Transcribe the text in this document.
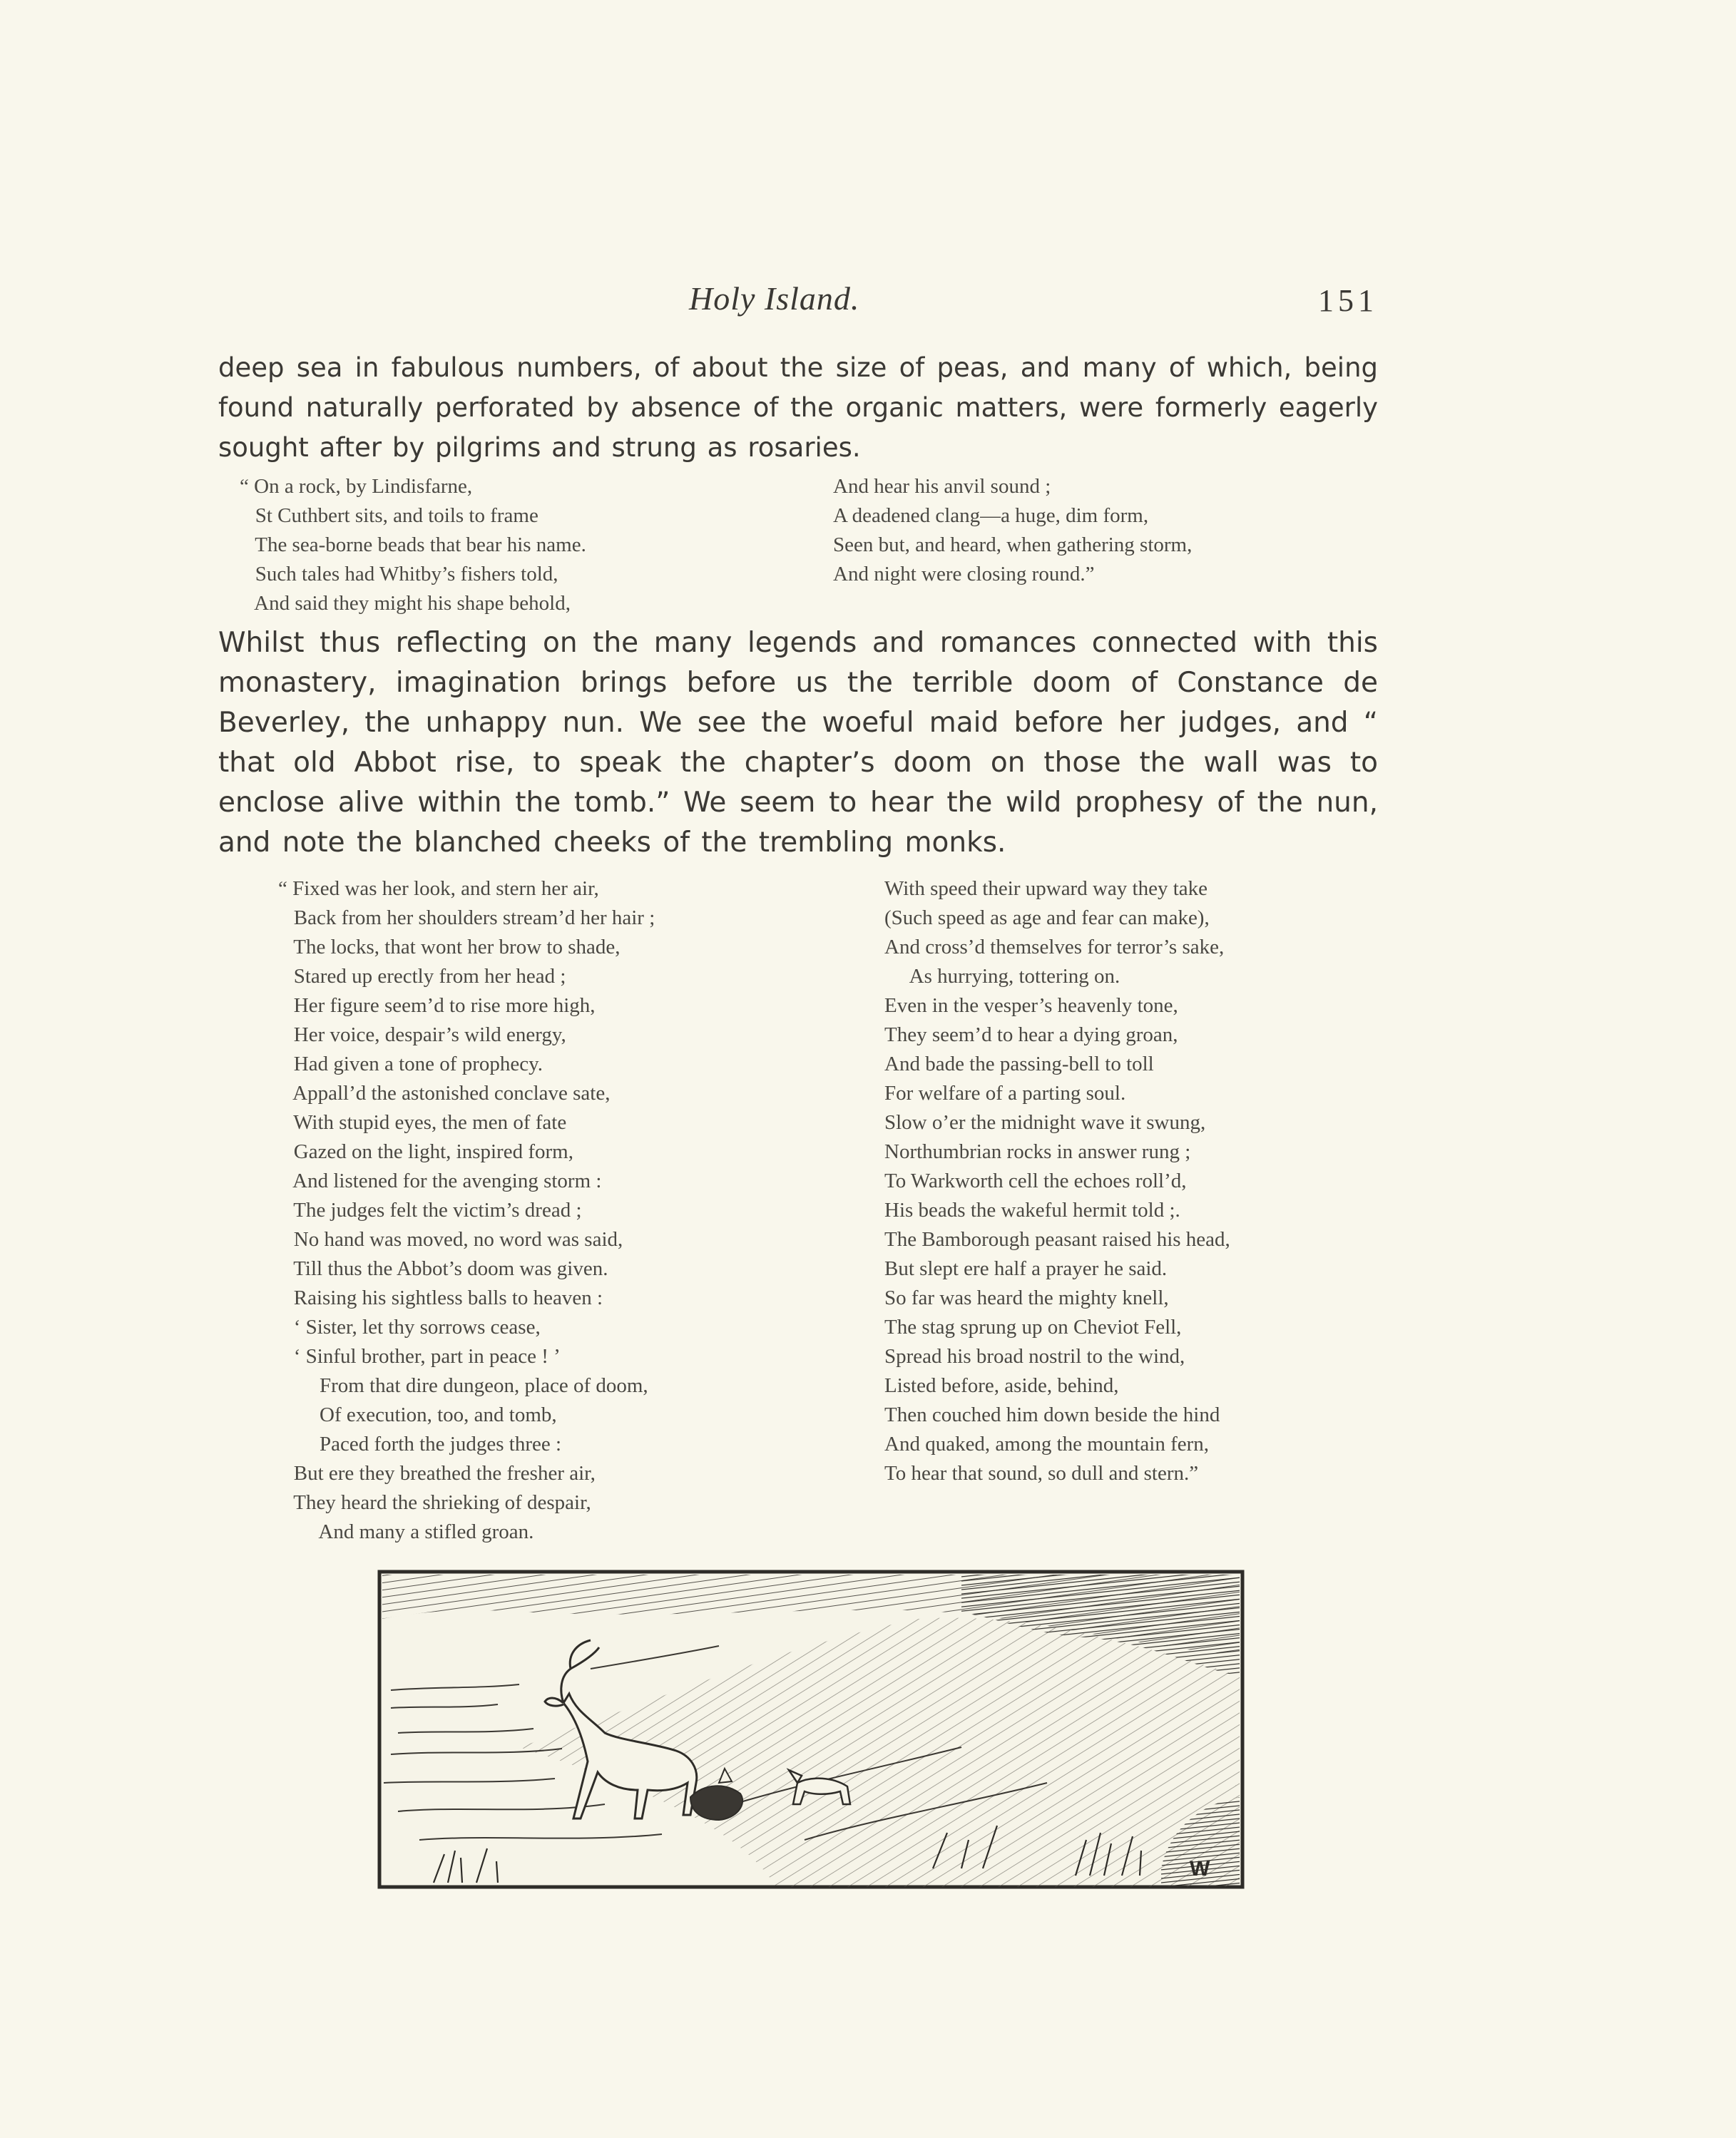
Holy Island.	151

deep sea in fabulous numbers, of about the size of peas, and many of which, being found naturally perforated by absence of the organic matters, were formerly eagerly sought after by pilgrims and strung as rosaries.

“ On a rock, by Lindisfarne,
St Cuthbert sits, and toils to frame
The sea-borne beads that bear his name.
Such tales had Whitby’s fishers told,
And said they might his shape behold,
And hear his anvil sound ;
A deadened clang—a huge, dim form,
Seen but, and heard, when gathering storm,
And night were closing round.”

Whilst thus reflecting on the many legends and romances connected with this monastery, imagination brings before us the terrible doom of Constance de Beverley, the unhappy nun. We see the woeful maid before her judges, and “ that old Abbot rise, to speak the chapter’s doom on those the wall was to enclose alive within the tomb.” We seem to hear the wild prophesy of the nun, and note the blanched cheeks of the trembling monks.

“ Fixed was her look, and stern her air,
Back from her shoulders stream’d her hair ;
The locks, that wont her brow to shade,
Stared up erectly from her head ;
Her figure seem’d to rise more high,
Her voice, despair’s wild energy,
Had given a tone of prophecy.
Appall’d the astonished conclave sate,
With stupid eyes, the men of fate
Gazed on the light, inspired form,
And listened for the avenging storm :
The judges felt the victim’s dread ;
No hand was moved, no word was said,
Till thus the Abbot’s doom was given.
Raising his sightless balls to heaven :
‘ Sister, let thy sorrows cease,
‘ Sinful brother, part in peace ! ’
From that dire dungeon, place of doom,
Of execution, too, and tomb,
Paced forth the judges three :
But ere they breathed the fresher air,
They heard the shrieking of despair,
And many a stifled groan.
With speed their upward way they take
(Such speed as age and fear can make),
And cross’d themselves for terror’s sake,
As hurrying, tottering on.
Even in the vesper’s heavenly tone,
They seem’d to hear a dying groan,
And bade the passing-bell to toll
For welfare of a parting soul.
Slow o’er the midnight wave it swung,
Northumbrian rocks in answer rung ;
To Warkworth cell the echoes roll’d,
His beads the wakeful hermit told ;.
The Bamborough peasant raised his head,
But slept ere half a prayer he said.
So far was heard the mighty knell,
The stag sprung up on Cheviot Fell,
Spread his broad nostril to the wind,
Listed before, aside, behind,
Then couched him down beside the hind
And quaked, among the mountain fern,
To hear that sound, so dull and stern.”
W
